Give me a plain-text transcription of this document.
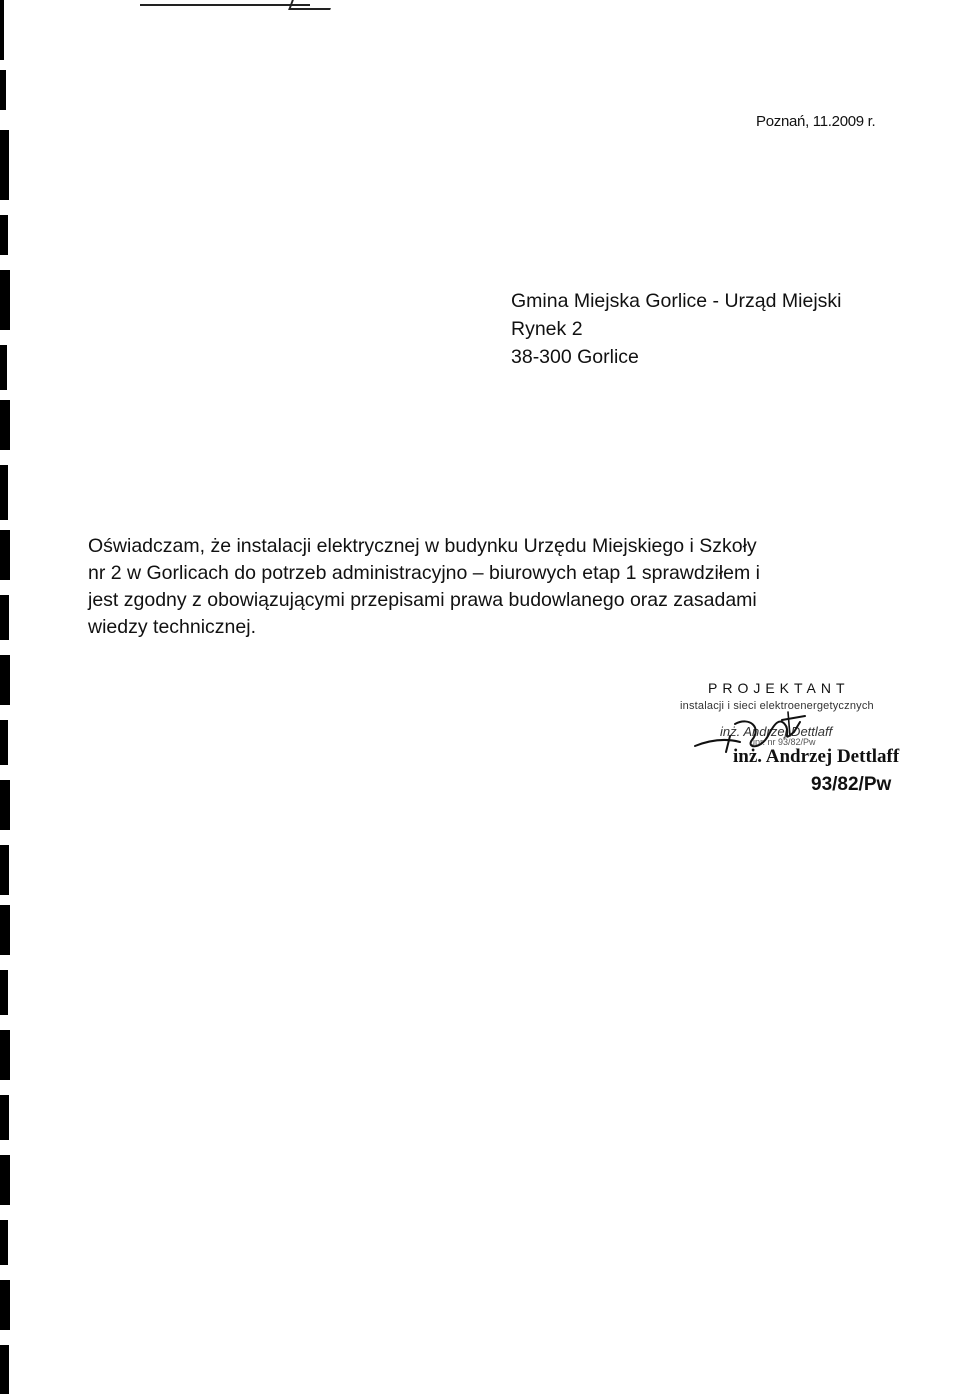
Poznań, 11.2009 r.
Gmina Miejska Gorlice - Urząd Miejski
Rynek 2
38-300 Gorlice
Oświadczam, że instalacji elektrycznej w budynku Urzędu Miejskiego i Szkoły
nr 2 w Gorlicach do potrzeb administracyjno – biurowych etap 1 sprawdziłem i
jest zgodny z obowiązującymi przepisami prawa budowlanego oraz zasadami
wiedzy technicznej.
PROJEKTANT
instalacji i sieci elektroenergetycznych
inż. Andrzej Dettlaff
upr. nr 93/82/Pw
inż. Andrzej Dettlaff
93/82/Pw
